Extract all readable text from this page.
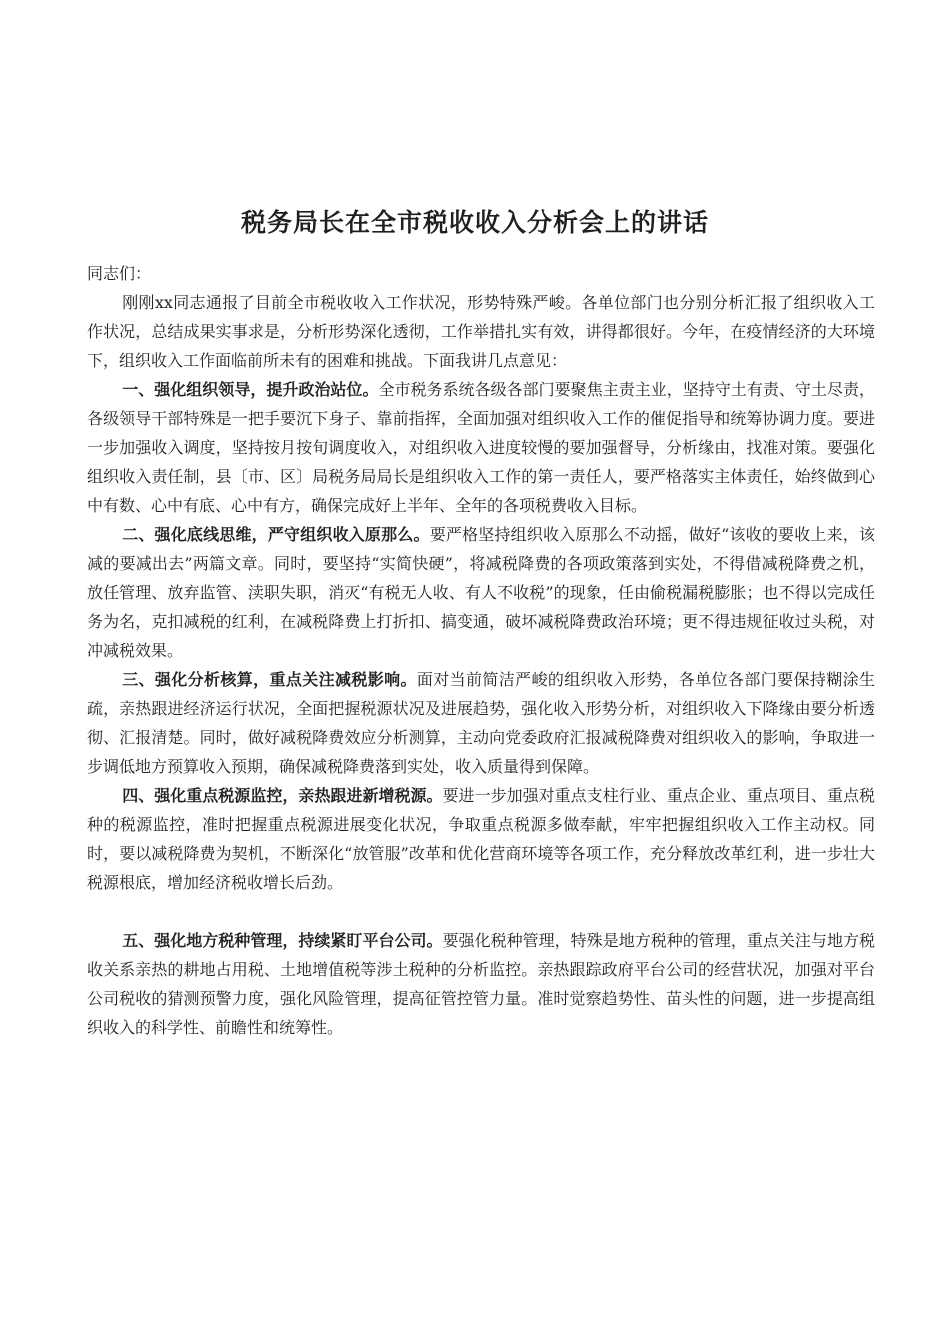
税务局长在全市税收收入分析会上的讲话

同志们：

刚刚xx同志通报了目前全市税收收入工作状况，形势特殊严峻。各单位部门也分别分析汇报了组织收入工作状况，总结成果实事求是，分析形势深化透彻，工作举措扎实有效，讲得都很好。今年，在疫情经济的大环境下，组织收入工作面临前所未有的困难和挑战。下面我讲几点意见：

一、强化组织领导，提升政治站位。全市税务系统各级各部门要聚焦主责主业，坚持守土有责、守土尽责，各级领导干部特殊是一把手要沉下身子、靠前指挥，全面加强对组织收入工作的催促指导和统筹协调力度。要进一步加强收入调度，坚持按月按旬调度收入，对组织收入进度较慢的要加强督导，分析缘由，找准对策。要强化组织收入责任制，县〔市、区〕局税务局局长是组织收入工作的第一责任人，要严格落实主体责任，始终做到心中有数、心中有底、心中有方，确保完成好上半年、全年的各项税费收入目标。

二、强化底线思维，严守组织收入原那么。要严格坚持组织收入原那么不动摇，做好“该收的要收上来，该减的要减出去”两篇文章。同时，要坚持“实简快硬”，将减税降费的各项政策落到实处，不得借减税降费之机，放任管理、放弃监管、渎职失职，消灭“有税无人收、有人不收税”的现象，任由偷税漏税膨胀；也不得以完成任务为名，克扣减税的红利，在减税降费上打折扣、搞变通，破坏减税降费政治环境；更不得违规征收过头税，对冲减税效果。

三、强化分析核算，重点关注减税影响。面对当前简洁严峻的组织收入形势，各单位各部门要保持糊涂生疏，亲热跟进经济运行状况，全面把握税源状况及进展趋势，强化收入形势分析，对组织收入下降缘由要分析透彻、汇报清楚。同时，做好减税降费效应分析测算，主动向党委政府汇报减税降费对组织收入的影响，争取进一步调低地方预算收入预期，确保减税降费落到实处，收入质量得到保障。

四、强化重点税源监控，亲热跟进新增税源。要进一步加强对重点支柱行业、重点企业、重点项目、重点税种的税源监控，准时把握重点税源进展变化状况，争取重点税源多做奉献，牢牢把握组织收入工作主动权。同时，要以减税降费为契机，不断深化“放管服”改革和优化营商环境等各项工作，充分释放改革红利，进一步壮大税源根底，增加经济税收增长后劲。

五、强化地方税种管理，持续紧盯平台公司。要强化税种管理，特殊是地方税种的管理，重点关注与地方税收关系亲热的耕地占用税、土地增值税等涉土税种的分析监控。亲热跟踪政府平台公司的经营状况，加强对平台公司税收的猜测预警力度，强化风险管理，提高征管控管力量。准时觉察趋势性、苗头性的问题，进一步提高组织收入的科学性、前瞻性和统筹性。
